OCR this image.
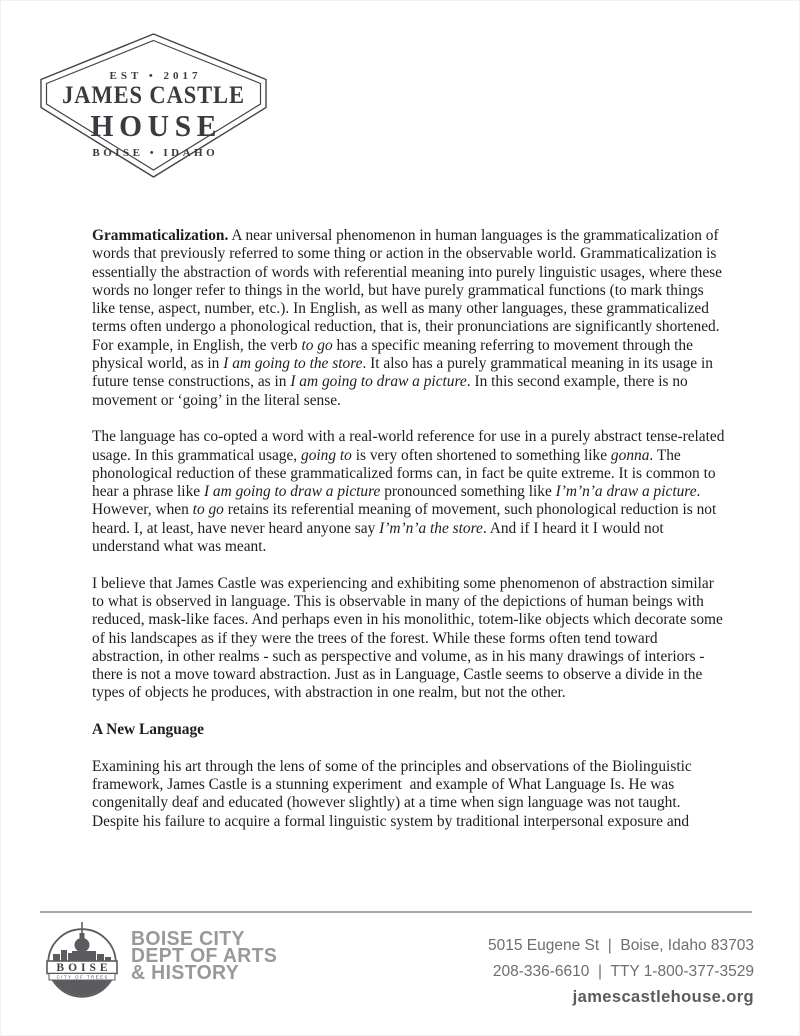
EST • 2017
JAMES CASTLE
HOUSE
BOISE • IDAHO

Grammaticalization. A near universal phenomenon in human languages is the grammaticalization of words that previously referred to some thing or action in the observable world. Grammaticalization is essentially the abstraction of words with referential meaning into purely linguistic usages, where these words no longer refer to things in the world, but have purely grammatical functions (to mark things like tense, aspect, number, etc.). In English, as well as many other languages, these grammaticalized terms often undergo a phonological reduction, that is, their pronunciations are significantly shortened. For example, in English, the verb to go has a specific meaning referring to movement through the physical world, as in I am going to the store. It also has a purely grammatical meaning in its usage in future tense constructions, as in I am going to draw a picture. In this second example, there is no movement or ‘going’ in the literal sense.

The language has co-opted a word with a real-world reference for use in a purely abstract tense-related usage. In this grammatical usage, going to is very often shortened to something like gonna. The phonological reduction of these grammaticalized forms can, in fact be quite extreme. It is common to hear a phrase like I am going to draw a picture pronounced something like I’m’n’a draw a picture. However, when to go retains its referential meaning of movement, such phonological reduction is not heard. I, at least, have never heard anyone say I’m’n’a the store. And if I heard it I would not understand what was meant.

I believe that James Castle was experiencing and exhibiting some phenomenon of abstraction similar to what is observed in language. This is observable in many of the depictions of human beings with reduced, mask-like faces. And perhaps even in his monolithic, totem-like objects which decorate some of his landscapes as if they were the trees of the forest. While these forms often tend toward abstraction, in other realms - such as perspective and volume, as in his many drawings of interiors - there is not a move toward abstraction. Just as in Language, Castle seems to observe a divide in the types of objects he produces, with abstraction in one realm, but not the other.

A New Language

Examining his art through the lens of some of the principles and observations of the Biolinguistic framework, James Castle is a stunning experiment  and example of What Language Is. He was congenitally deaf and educated (however slightly) at a time when sign language was not taught. Despite his failure to acquire a formal linguistic system by traditional interpersonal exposure and

BOISE
CITY OF TREES
BOISE CITY
DEPT OF ARTS
& HISTORY
5015 Eugene St  |  Boise, Idaho 83703
208-336-6610  |  TTY 1-800-377-3529
jamescastlehouse.org
